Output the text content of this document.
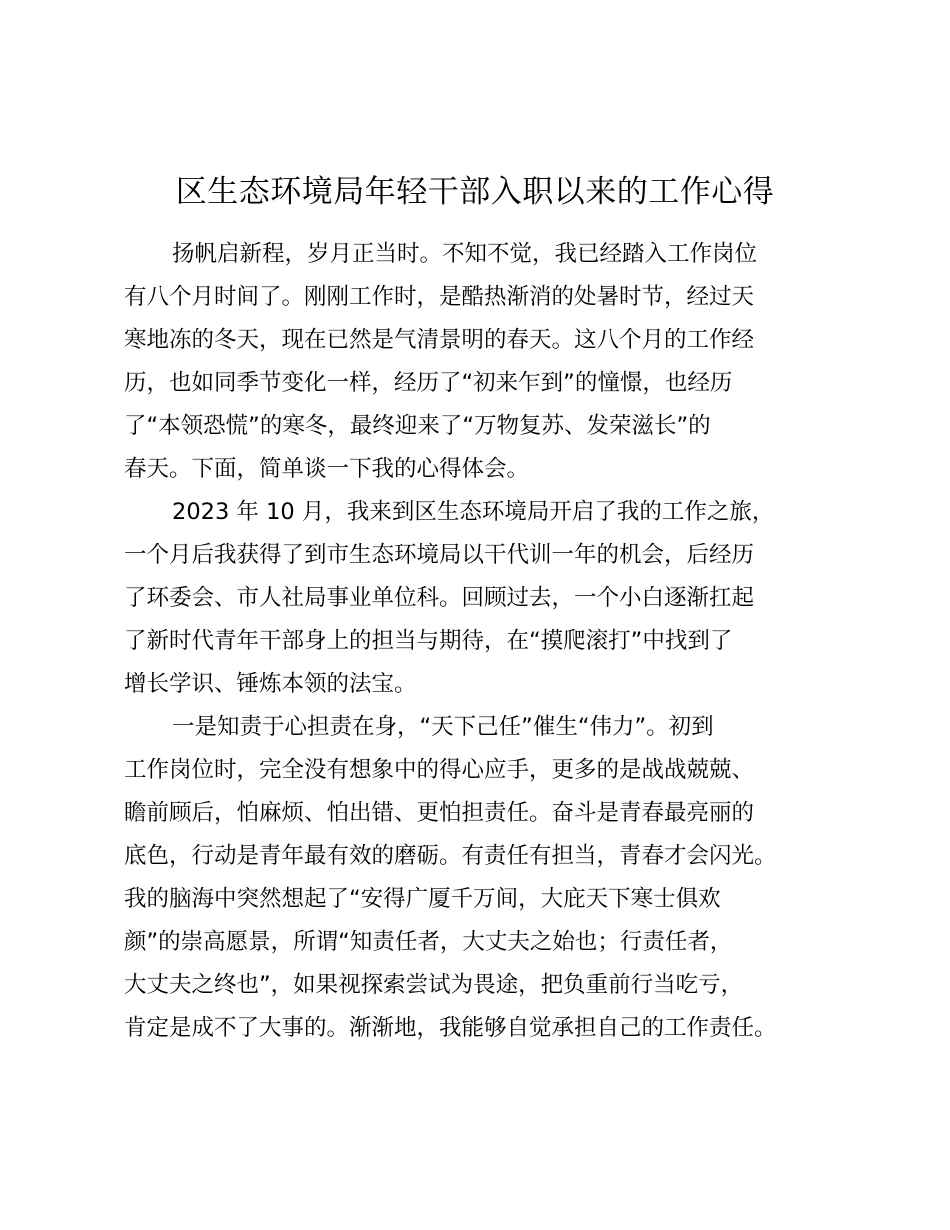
区生态环境局年轻干部入职以来的工作心得
扬帆启新程，岁月正当时。不知不觉，我已经踏入工作岗位
有八个月时间了。刚刚工作时，是酷热渐消的处暑时节，经过天
寒地冻的冬天，现在已然是气清景明的春天。这八个月的工作经
历，也如同季节变化一样，经历了“初来乍到”的憧憬，也经历
了“本领恐慌”的寒冬，最终迎来了“万物复苏、发荣滋长”的
春天。下面，简单谈一下我的心得体会。
2023 年 10 月，我来到区生态环境局开启了我的工作之旅，
一个月后我获得了到市生态环境局以干代训一年的机会，后经历
了环委会、市人社局事业单位科。回顾过去，一个小白逐渐扛起
了新时代青年干部身上的担当与期待，在“摸爬滚打”中找到了
增长学识、锤炼本领的法宝。
一是知责于心担责在身，“天下己任”催生“伟力”。初到
工作岗位时，完全没有想象中的得心应手，更多的是战战兢兢、
瞻前顾后，怕麻烦、怕出错、更怕担责任。奋斗是青春最亮丽的
底色，行动是青年最有效的磨砺。有责任有担当，青春才会闪光。
我的脑海中突然想起了“安得广厦千万间，大庇天下寒士俱欢
颜”的崇高愿景，所谓“知责任者，大丈夫之始也；行责任者，
大丈夫之终也”，如果视探索尝试为畏途，把负重前行当吃亏，
肯定是成不了大事的。渐渐地，我能够自觉承担自己的工作责任。
